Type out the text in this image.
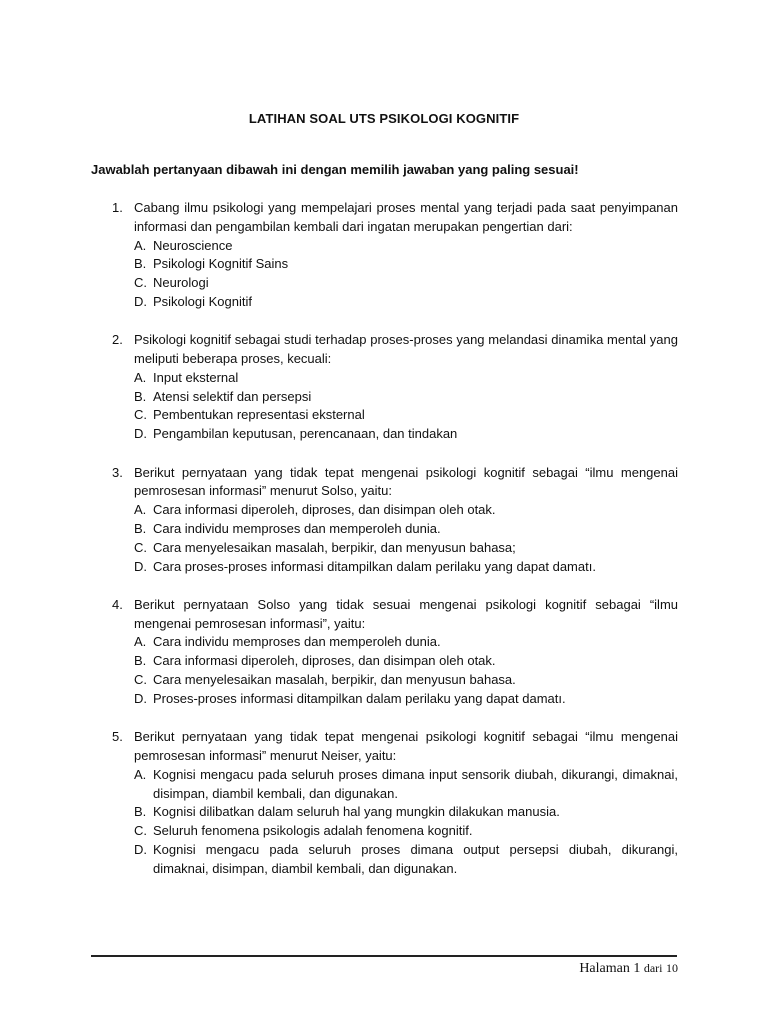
LATIHAN SOAL UTS PSIKOLOGI KOGNITIF
Jawablah pertanyaan dibawah ini dengan memilih jawaban yang paling sesuai!
1. Cabang ilmu psikologi yang mempelajari proses mental yang terjadi pada saat penyimpanan informasi dan pengambilan kembali dari ingatan merupakan pengertian dari:
A. Neuroscience
B. Psikologi Kognitif Sains
C. Neurologi
D. Psikologi Kognitif
2. Psikologi kognitif sebagai studi terhadap proses-proses yang melandasi dinamika mental yang meliputi beberapa proses, kecuali:
A. Input eksternal
B. Atensi selektif dan persepsi
C. Pembentukan representasi eksternal
D. Pengambilan keputusan, perencanaan, dan tindakan
3. Berikut pernyataan yang tidak tepat mengenai psikologi kognitif sebagai “ilmu mengenai pemrosesan informasi” menurut Solso, yaitu:
A. Cara informasi diperoleh, diproses, dan disimpan oleh otak.
B. Cara individu memproses dan memperoleh dunia.
C. Cara menyelesaikan masalah, berpikir, dan menyusun bahasa;
D. Cara proses-proses informasi ditampilkan dalam perilaku yang dapat damatı.
4. Berikut pernyataan Solso yang tidak sesuai mengenai psikologi kognitif sebagai “ilmu mengenai pemrosesan informasi”, yaitu:
A. Cara individu memproses dan memperoleh dunia.
B. Cara informasi diperoleh, diproses, dan disimpan oleh otak.
C. Cara menyelesaikan masalah, berpikir, dan menyusun bahasa.
D. Proses-proses informasi ditampilkan dalam perilaku yang dapat damatı.
5. Berikut pernyataan yang tidak tepat mengenai psikologi kognitif sebagai “ilmu mengenai pemrosesan informasi” menurut Neiser, yaitu:
A. Kognisi mengacu pada seluruh proses dimana input sensorik diubah, dikurangi, dimaknai, disimpan, diambil kembali, dan digunakan.
B. Kognisi dilibatkan dalam seluruh hal yang mungkin dilakukan manusia.
C. Seluruh fenomena psikologis adalah fenomena kognitif.
D. Kognisi mengacu pada seluruh proses dimana output persepsi diubah, dikurangi, dimaknai, disimpan, diambil kembali, dan digunakan.
Halaman 1 dari 10
